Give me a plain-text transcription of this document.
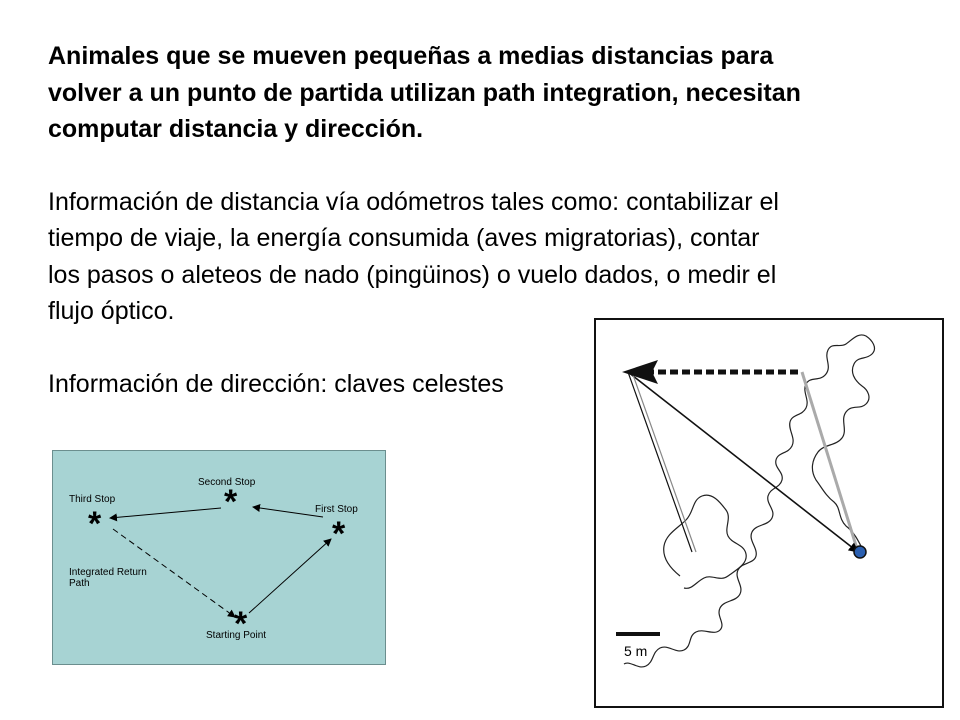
Animales que se mueven pequeñas a medias distancias para
volver a un punto de partida utilizan path integration, necesitan
computar distancia y dirección.
Información de distancia vía odómetros tales como: contabilizar el
tiempo de viaje, la energía consumida (aves migratorias), contar
los pasos o aleteos de nado (pingüinos) o vuelo dados, o medir el
flujo óptico.
Información de dirección: claves celestes
*
*	*
*
Second Stop
Third Stop
First Stop
Integrated Return
Path
Starting Point
5 m
